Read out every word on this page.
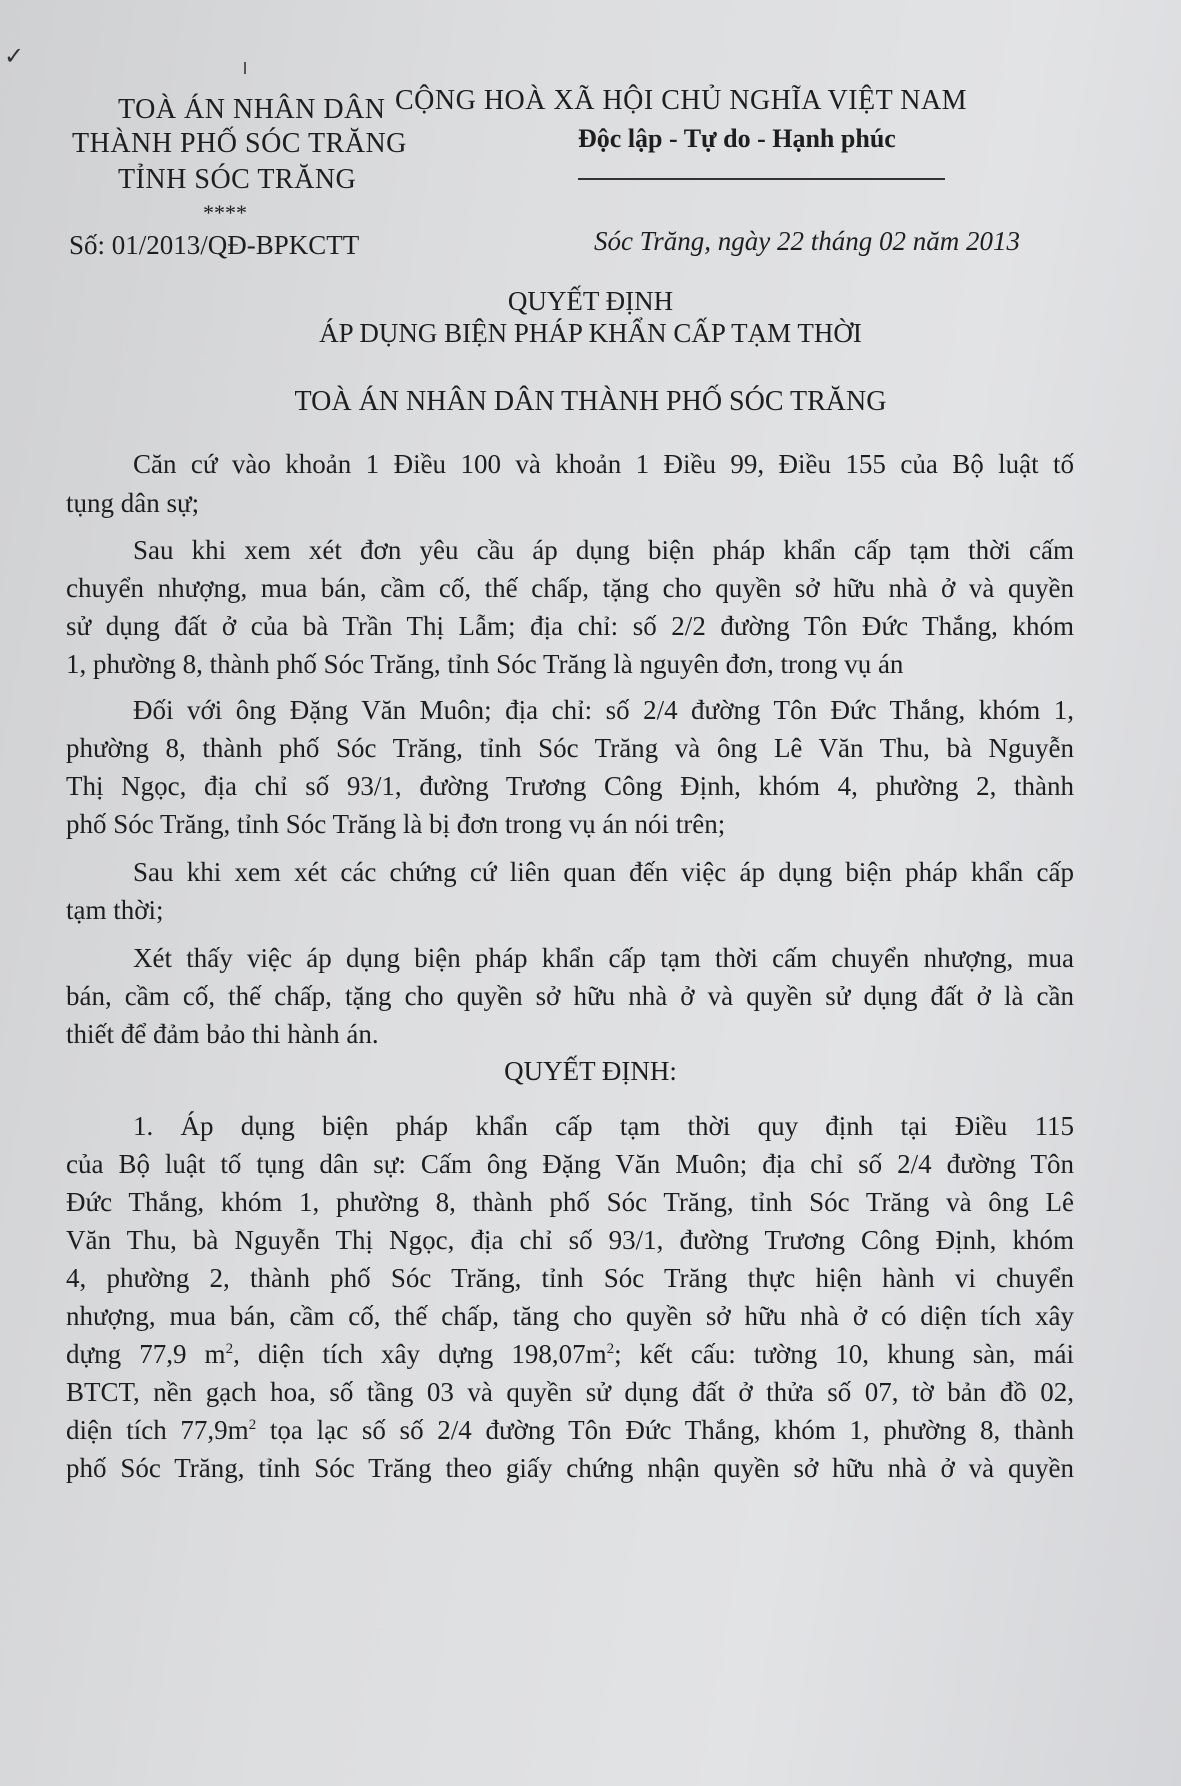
✓
TOÀ ÁN NHÂN DÂN
THÀNH PHỐ SÓC TRĂNG
TỈNH SÓC TRĂNG
****
Số: 01/2013/QĐ-BPKCTT
CỘNG HOÀ XÃ HỘI CHỦ NGHĨA VIỆT NAM
Độc lập - Tự do - Hạnh phúc
Sóc Trăng, ngày 22 tháng 02 năm 2013
QUYẾT ĐỊNH
ÁP DỤNG BIỆN PHÁP KHẨN CẤP TẠM THỜI
TOÀ ÁN NHÂN DÂN THÀNH PHỐ SÓC TRĂNG
Căn cứ vào khoản 1 Điều 100 và khoản 1 Điều 99, Điều 155 của Bộ luật tố
tụng dân sự;
Sau khi xem xét đơn yêu cầu áp dụng biện pháp khẩn cấp tạm thời cấm
chuyển nhượng, mua bán, cầm cố, thế chấp, tặng cho quyền sở hữu nhà ở và quyền
sử dụng đất ở của bà Trần Thị Lẫm; địa chỉ: số 2/2 đường Tôn Đức Thắng, khóm
1, phường 8, thành phố Sóc Trăng, tỉnh Sóc Trăng là nguyên đơn, trong vụ án
Đối với ông Đặng Văn Muôn; địa chỉ: số 2/4 đường Tôn Đức Thắng, khóm 1,
phường 8, thành phố Sóc Trăng, tỉnh Sóc Trăng và ông Lê Văn Thu, bà Nguyễn
Thị Ngọc, địa chỉ số 93/1, đường Trương Công Định, khóm 4, phường 2, thành
phố Sóc Trăng, tỉnh Sóc Trăng là bị đơn trong vụ án nói trên;
Sau khi xem xét các chứng cứ liên quan đến việc áp dụng biện pháp khẩn cấp
tạm thời;
Xét thấy việc áp dụng biện pháp khẩn cấp tạm thời cấm chuyển nhượng, mua
bán, cầm cố, thế chấp, tặng cho quyền sở hữu nhà ở và quyền sử dụng đất ở là cần
thiết để đảm bảo thi hành án.
QUYẾT ĐỊNH:
1. Áp dụng biện pháp khẩn cấp tạm thời quy định tại Điều 115
của Bộ luật tố tụng dân sự: Cấm ông Đặng Văn Muôn; địa chỉ số 2/4 đường Tôn
Đức Thắng, khóm 1, phường 8, thành phố Sóc Trăng, tỉnh Sóc Trăng và ông Lê
Văn Thu, bà Nguyễn Thị Ngọc, địa chỉ số 93/1, đường Trương Công Định, khóm
4, phường 2, thành phố Sóc Trăng, tỉnh Sóc Trăng thực hiện hành vi chuyển
nhượng, mua bán, cầm cố, thế chấp, tăng cho quyền sở hữu nhà ở có diện tích xây
dựng 77,9 $m^2$, diện tích xây dựng $198,07m^2$; kết cấu: tường 10, khung sàn, mái
BTCT, nền gạch hoa, số tầng 03 và quyền sử dụng đất ở thửa số 07, tờ bản đồ 02,
diện tích $77,9m^2$ tọa lạc số số 2/4 đường Tôn Đức Thắng, khóm 1, phường 8, thành
phố Sóc Trăng, tỉnh Sóc Trăng theo giấy chứng nhận quyền sở hữu nhà ở và quyền
